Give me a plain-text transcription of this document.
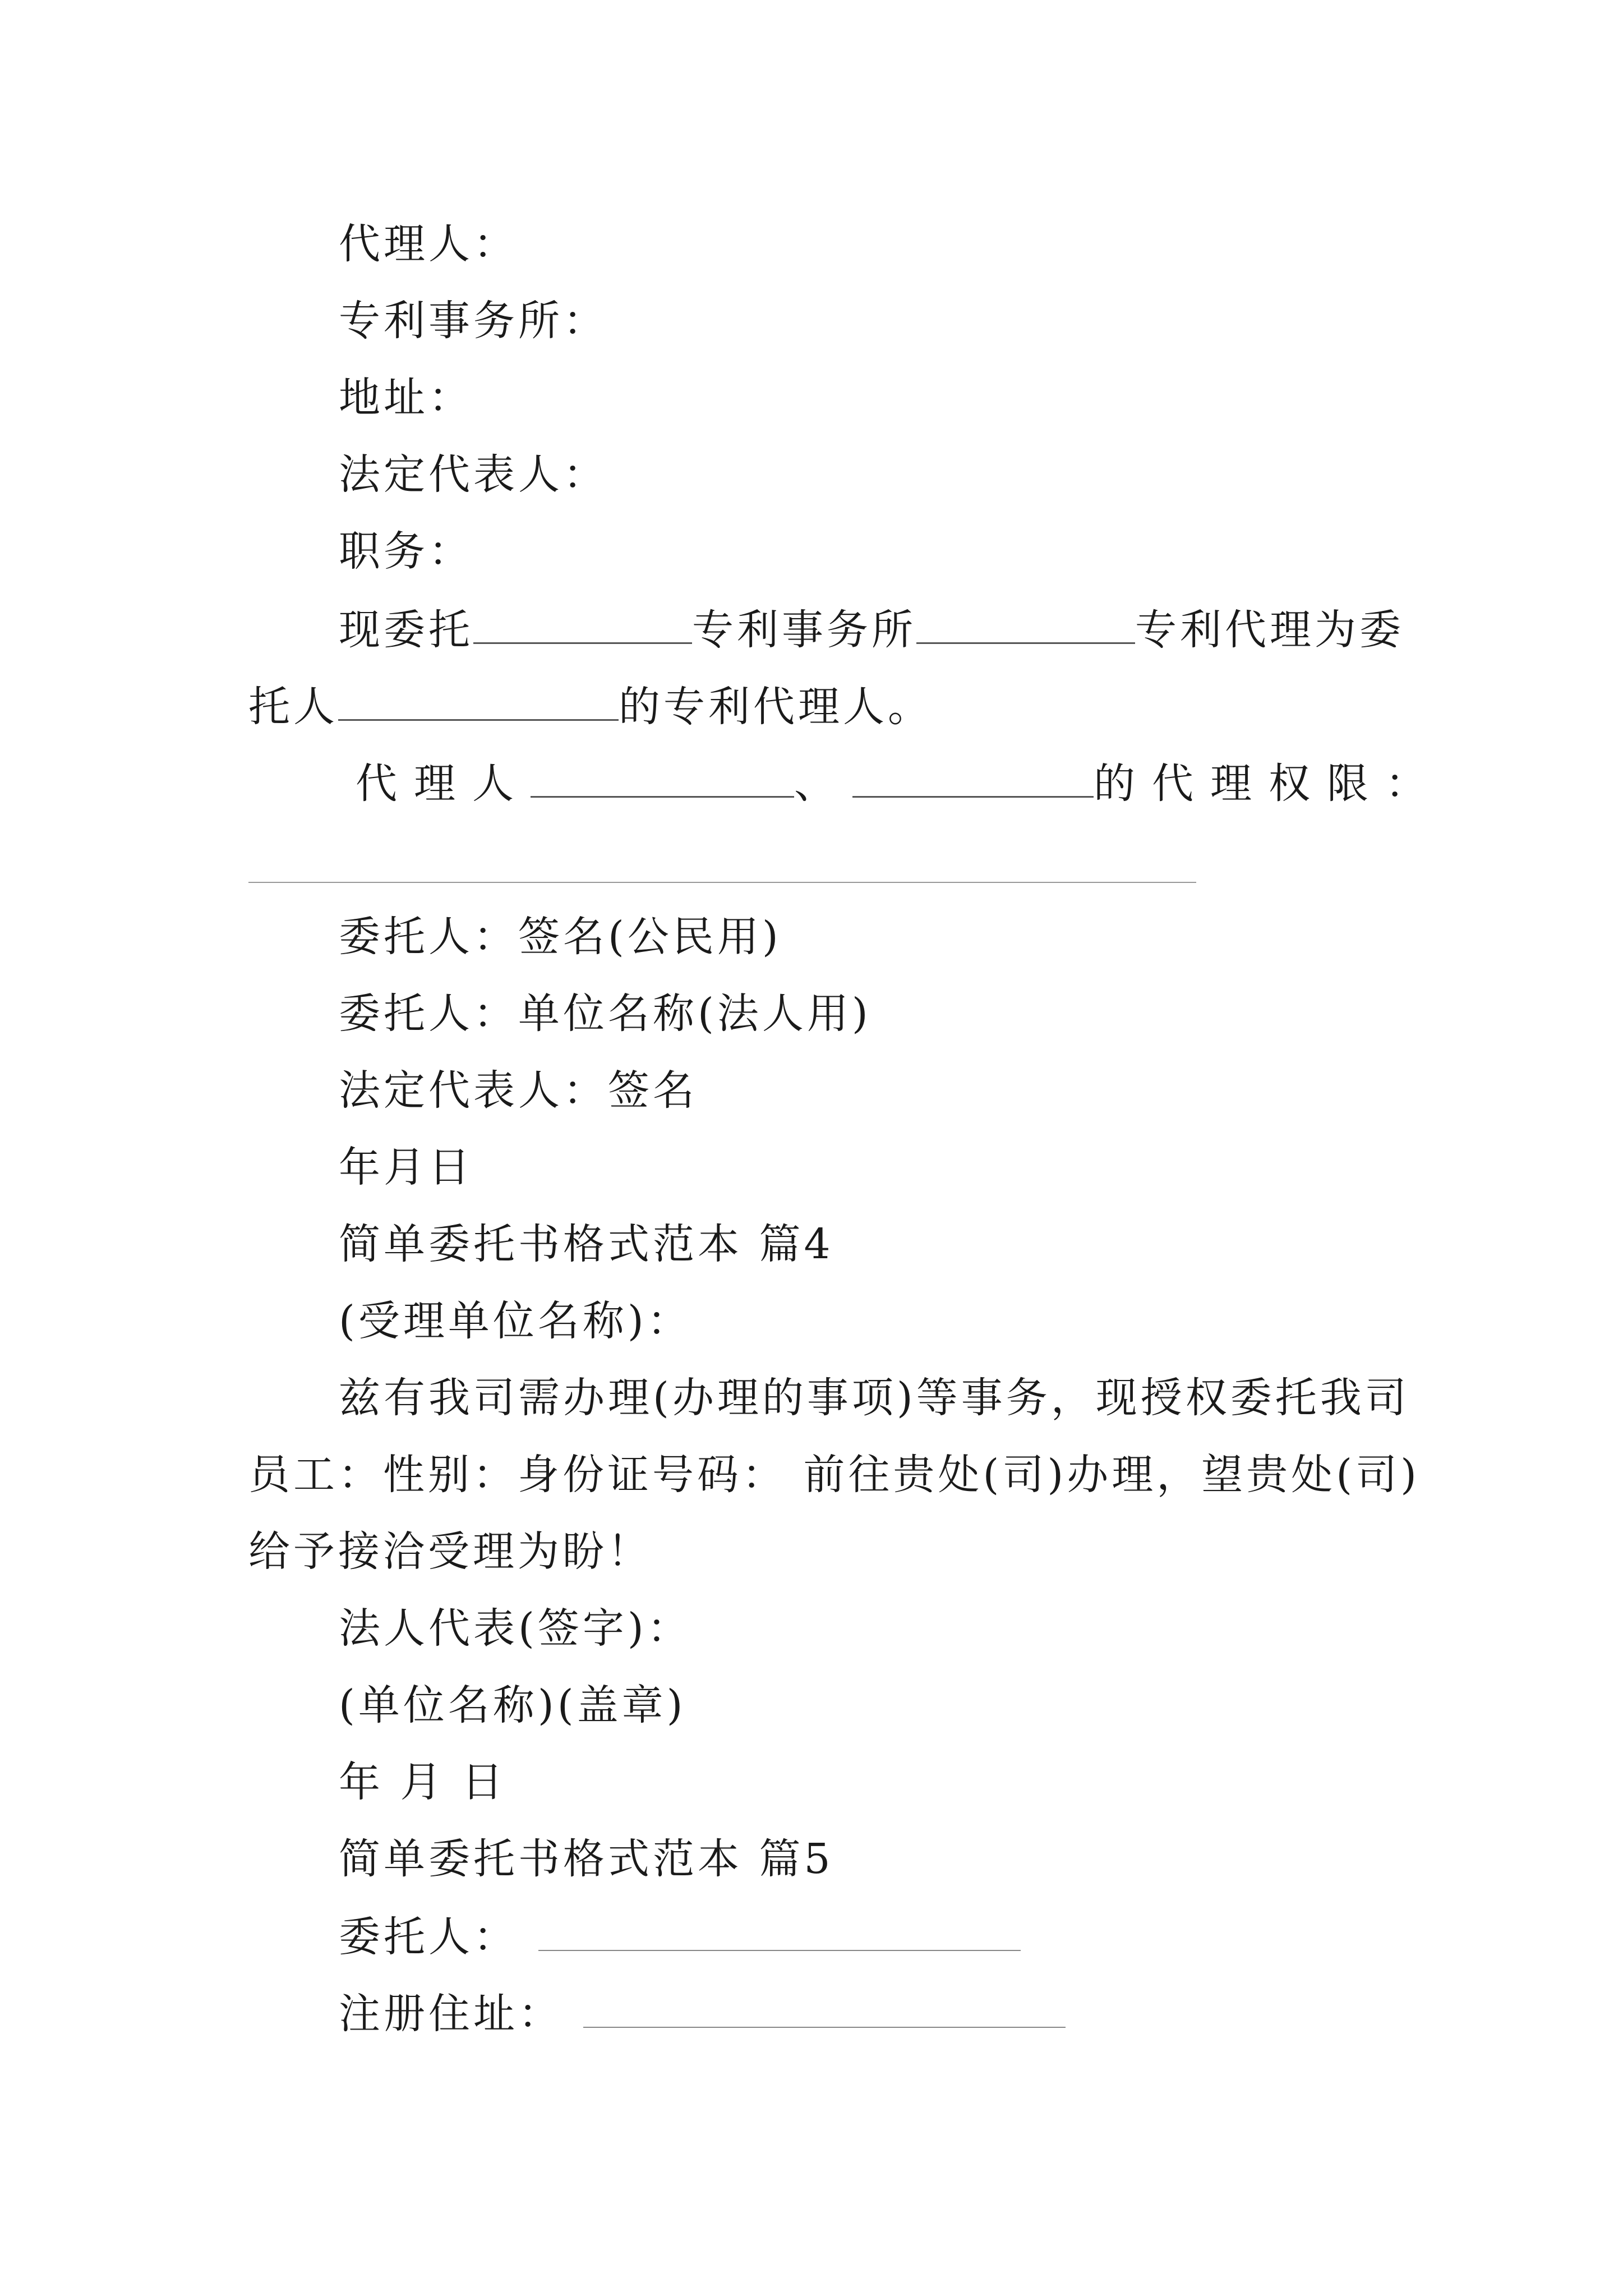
代理人：

专利事务所：

地址：

法定代表人：

职务：

现委托	专利事务所	专利代理为委

托人	的专利代理人。

代理人	、	的代理权限：

委托人：签名(公民用)

委托人：单位名称(法人用)

法定代表人：签名

年月日

简单委托书格式范本 篇4

(受理单位名称)：

兹有我司需办理(办理的事项)等事务，现授权委托我司

员工：性别：身份证号码： 前往贵处(司)办理，望贵处(司)

给予接洽受理为盼！

法人代表(签字)：

(单位名称)(盖章)

年 月 日

简单委托书格式范本 篇5

委托人：

注册住址：
